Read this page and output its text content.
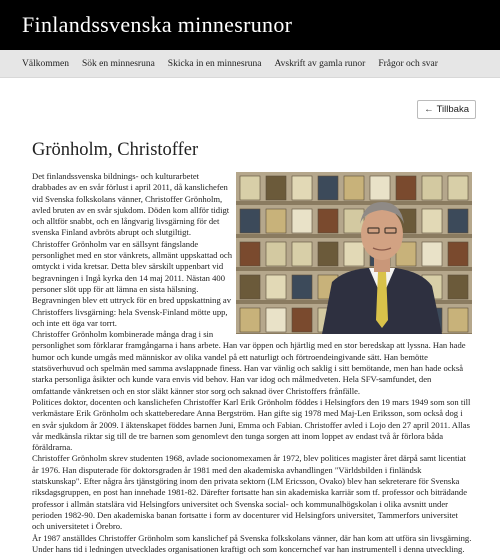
Finlandssvenska minnesrunor
Välkommen Sök en minnesruna Skicka in en minnesruna Avskrift av gamla runor Frågor och svar
← Tillbaka
Grönholm, Christoffer

Det finlandssvenska bildnings- och kulturarbetet drabbades av en svår förlust i april 2011, då kanslichefen vid Svenska folkskolans vänner, Christoffer Grönholm, avled bruten av en svår sjukdom. Döden kom allför tidigt och alltför snabbt, och en långvarig livsgärning för det svenska Finland avbröts abrupt och slutgiltigt.

Christoffer Grönholm var en sällsynt fängslande personlighet med en stor vänkrets, allmänt uppskattad och omtyckt i vida kretsar. Detta blev särskilt uppenbart vid begravningen i Ingå kyrka den 14 maj 2011. Nästan 400 personer slöt upp för att lämna en sista hälsning. Begravningen blev ett uttryck för en bred uppskattning av Christoffers livsgärning: hela Svensk-Finland mötte upp, och inte ett öga var torrt.

Christoffer Grönholm kombinerade många drag i sin personlighet som förklarar framgångarna i hans arbete. Han var öppen och hjärtlig med en stor beredskap att lyssna. Han hade humor och kunde umgås med människor av olika vandel på ett naturligt och förtroendeingivande sätt. Han bemötte statsöverhuvud och spelmän med samma avslappnade finess. Han var vänlig och saklig i sitt bemötande, men han hade också starka personliga åsikter och kunde vara envis vid behov. Han var idog och målmedveten. Hela SFV-samfundet, den omfattande vänkretsen och en stor släkt känner stor sorg och saknad över Christoffers frånfälle.

Politices doktor, docenten och kanslichefen Christoffer Karl Erik Grönholm föddes i Helsingfors den 19 mars 1949 som son till verkmästare Erik Grönholm och skatteberedare Anna Bergström. Han gifte sig 1978 med Maj-Len Eriksson, som också dog i en svår sjukdom år 2009. I äktenskapet föddes barnen Juni, Emma och Fabian. Christoffer avled i Lojo den 27 april 2011. Allas vår medkänsla riktar sig till de tre barnen som genomlevt den tunga sorgen att inom loppet av endast två år förlora båda föräldrarna.

Christoffer Grönholm skrev studenten 1968, avlade socionomexamen år 1972, blev politices magister året därpå samt licentiat år 1976. Han disputerade för doktorsgraden år 1981 med den akademiska avhandlingen "Världsbilden i finländsk statskunskap". Efter några års tjänstgöring inom den privata sektorn (LM Ericsson, Ovako) blev han sekreterare för Svenska riksdagsgruppen, en post han innehade 1981-82. Därefter fortsatte han sin akademiska karriär som tf. professor och biträdande professor i allmän statslära vid Helsingfors universitet och Svenska social- och kommunalhögskolan i olika avsnitt under perioden 1982-90. Den akademiska banan fortsatte i form av docenturer vid Helsingfors universitet, Tammerfors universitet och universitetet i Örebro.

År 1987 anställdes Christoffer Grönholm som kanslichef på Svenska folkskolans vänner, där han kom att utföra sin livsgärning. Under hans tid i ledningen utvecklades organisationen kraftigt och som koncernchef var han instrumentell i denna utveckling.
